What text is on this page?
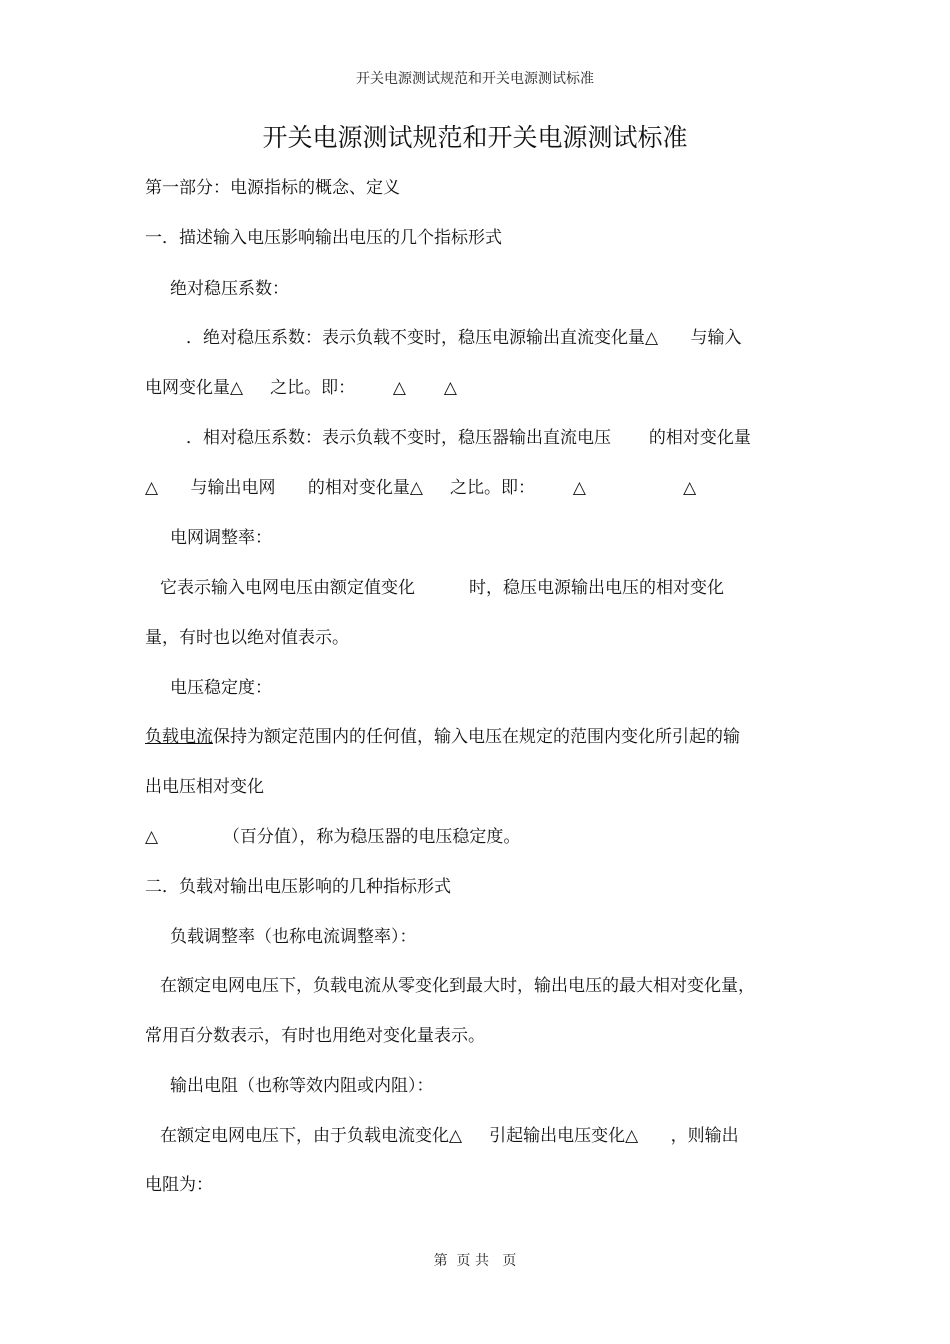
开关电源测试规范和开关电源测试标准
开关电源测试规范和开关电源测试标准
第一部分：电源指标的概念、定义
一．描述输入电压影响输出电压的几个指标形式
绝对稳压系数：
．绝对稳压系数：表示负载不变时，稳压电源输出直流变化量△      与输入
电网变化量△     之比。即：       △       △
．相对稳压系数：表示负载不变时，稳压器输出直流电压       的相对变化量
△      与输出电网      的相对变化量△     之比。即：       △                  △
电网调整率：
它表示输入电网电压由额定值变化          时，稳压电源输出电压的相对变化
量，有时也以绝对值表示。
电压稳定度：
负载电流保持为额定范围内的任何值，输入电压在规定的范围内变化所引起的输
出电压相对变化
△            （百分值），称为稳压器的电压稳定度。
二．负载对输出电压影响的几种指标形式
负载调整率（也称电流调整率）：
在额定电网电压下，负载电流从零变化到最大时，输出电压的最大相对变化量，
常用百分数表示，有时也用绝对变化量表示。
输出电阻（也称等效内阻或内阻）：
在额定电网电压下，由于负载电流变化△     引起输出电压变化△      ，则输出
电阻为：
第  页 共   页
